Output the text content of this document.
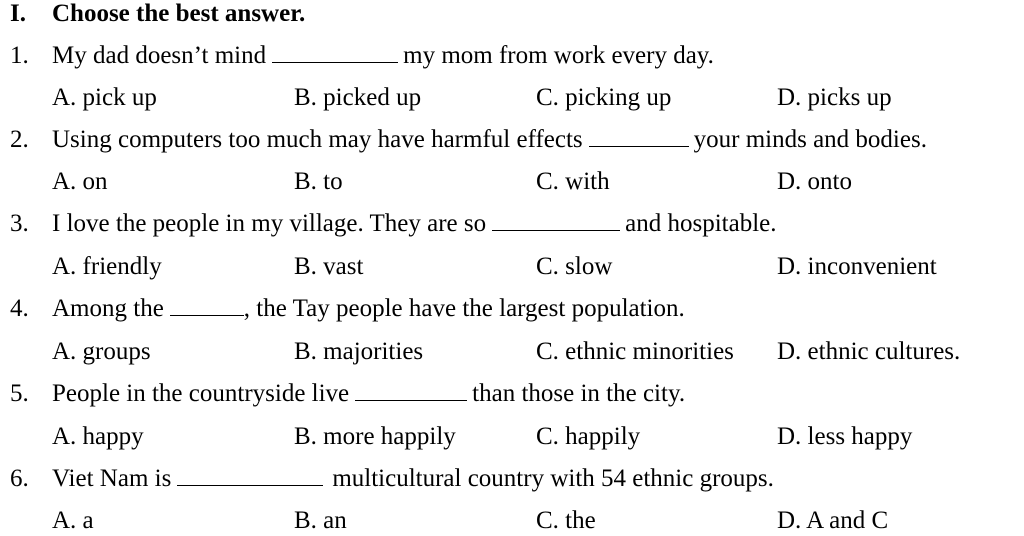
I. Choose the best answer.
1. My dad doesn’t mind	my mom from work every day.
A. pick up	B. picked up	C. picking up	D. picks up
2. Using computers too much may have harmful effects	your minds and bodies.
A. on	B. to	C. with	D. onto
3. I love the people in my village. They are so	and hospitable.
A. friendly	B. vast	C. slow	D. inconvenient
4. Among the	, the Tay people have the largest population.
A. groups	B. majorities	C. ethnic minorities D. ethnic cultures.
5. People in the countryside live	than those in the city.
A. happy	B. more happily	C. happily	D. less happy
6. Viet Nam is	multicultural country with 54 ethnic groups.
A. a	B. an	C. the	D. A and C
